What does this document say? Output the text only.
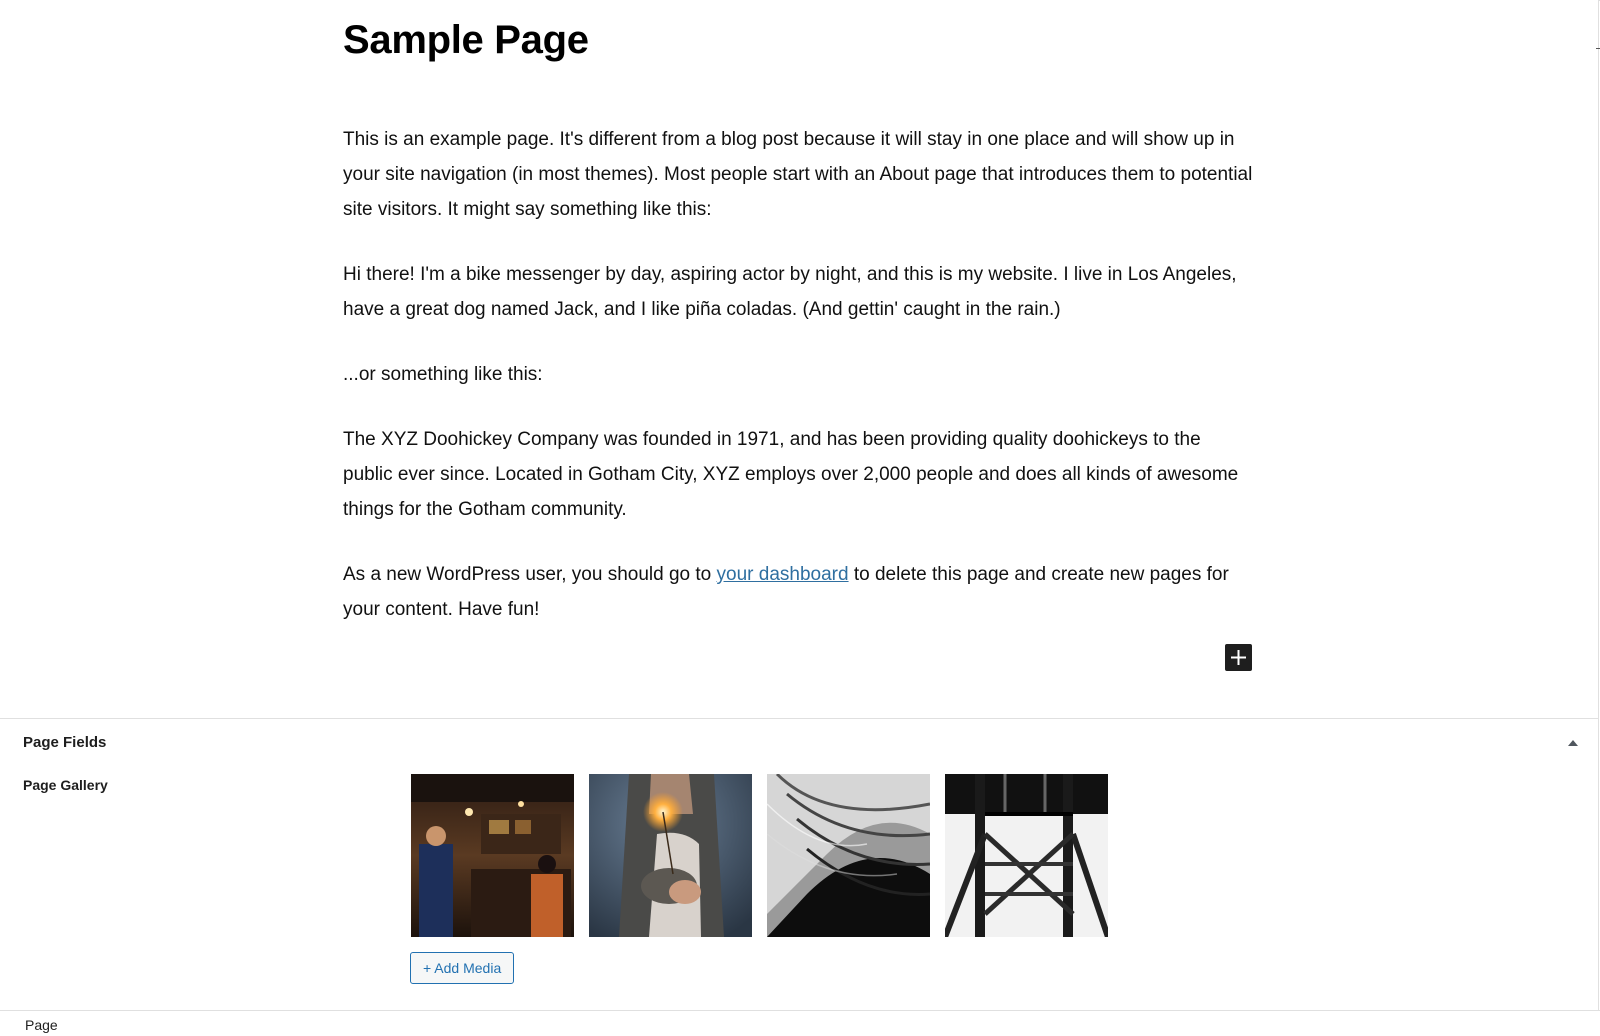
Sample Page

This is an example page. It's different from a blog post because it will stay in one place and will show up in your site navigation (in most themes). Most people start with an About page that introduces them to potential site visitors. It might say something like this:

Hi there! I'm a bike messenger by day, aspiring actor by night, and this is my website. I live in Los Angeles, have a great dog named Jack, and I like piña coladas. (And gettin' caught in the rain.)

...or something like this:

The XYZ Doohickey Company was founded in 1971, and has been providing quality doohickeys to the public ever since. Located in Gotham City, XYZ employs over 2,000 people and does all kinds of awesome things for the Gotham community.

As a new WordPress user, you should go to your dashboard to delete this page and create new pages for your content. Have fun!

Page Fields
Page Gallery
+ Add Media
Page
